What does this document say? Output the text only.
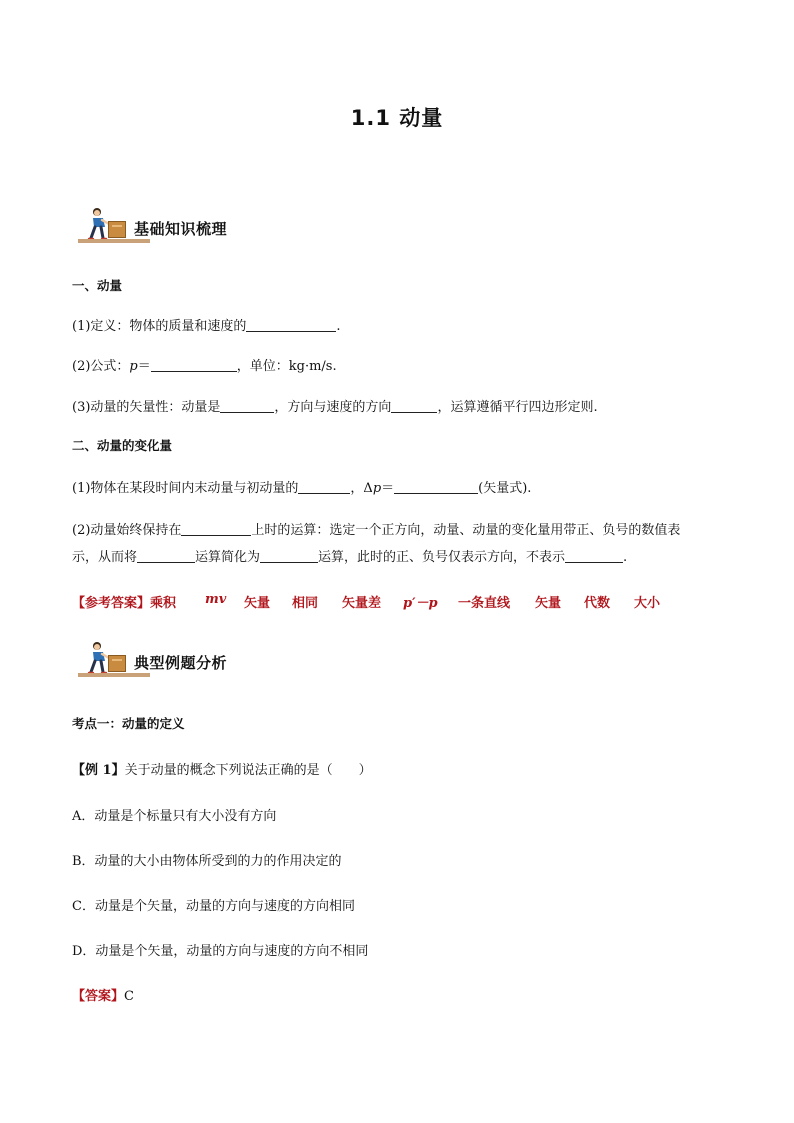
1.1 动量
基础知识梳理
一、动量
(1)定义：物体的质量和速度的	.
(2)公式：p＝	，单位：kg·m/s.
(3)动量的矢量性：动量是	，方向与速度的方向	，运算遵循平行四边形定则.
二、动量的变化量
(1)物体在某段时间内末动量与初动量的	，Δp＝	(矢量式).
(2)动量始终保持在	上时的运算：选定一个正方向，动量、动量的变化量用带正、负号的数值表
示，从而将	运算简化为	运算，此时的正、负号仅表示方向，不表示	.
【参考答案】乘积 mv 矢量 相同 矢量差 p′－p 一条直线 矢量 代数 大小
典型例题分析
考点一：动量的定义
【例 1】关于动量的概念下列说法正确的是（　　）
A．动量是个标量只有大小没有方向
B．动量的大小由物体所受到的力的作用决定的
C．动量是个矢量，动量的方向与速度的方向相同
D．动量是个矢量，动量的方向与速度的方向不相同
【答案】C
